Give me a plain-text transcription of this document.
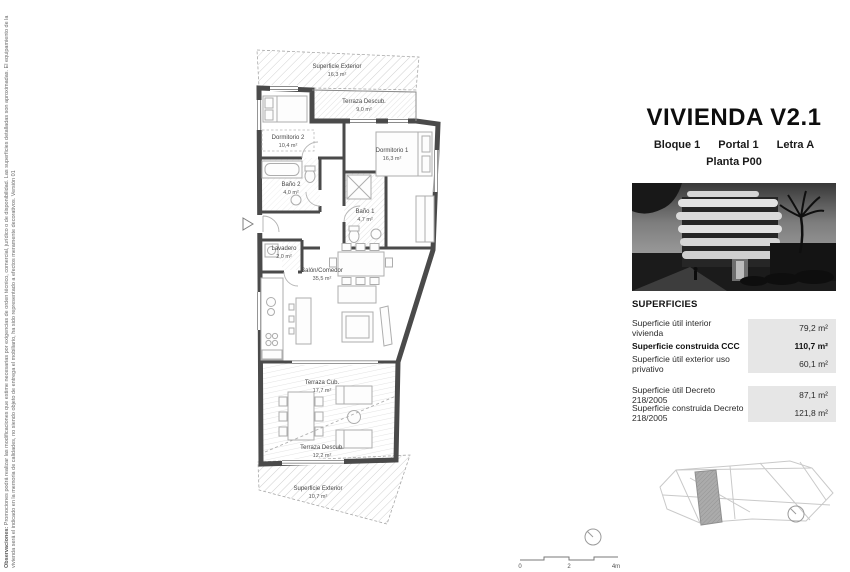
Superficie Exterior
16,3 m²
Terraza Descub.
9,0 m²
Dormitorio 2
10,4 m²
Dormitorio 1
16,3 m²
Baño 2
4,0 m²
Baño 1
4,7 m²
Lavadero
2,0 m²
Salón/Comedor
35,5 m²
Terraza Cub.
17,7 m²
Terraza Descub.
12,2 m²
Superficie Exterior
10,7 m²
0	2	4m
Observaciones: Promociones podrá realizar las modificaciones que estime necesarias por exigencias de orden técnico, comercial, jurídico o de disponibilidad. Las superficies detalladas son aproximadas. El equipamiento de la vivienda será el indicado en la memoria de calidades, no siendo objeto de entrega el mobiliario, ha sido representado a efectos meramente decorativos. Versión 01
VIVIENDA V2.1
Bloque 1 Portal 1 Letra A
Planta P00
SUPERFICIES
Superficie útil interior vivienda	79,2 m²
Superficie construida CCC	110,7 m²
Superficie útil exterior uso privativo	60,1 m²
Superficie útil Decreto 218/2005	87,1 m²
Superficie construida Decreto 218/2005	121,8 m²
